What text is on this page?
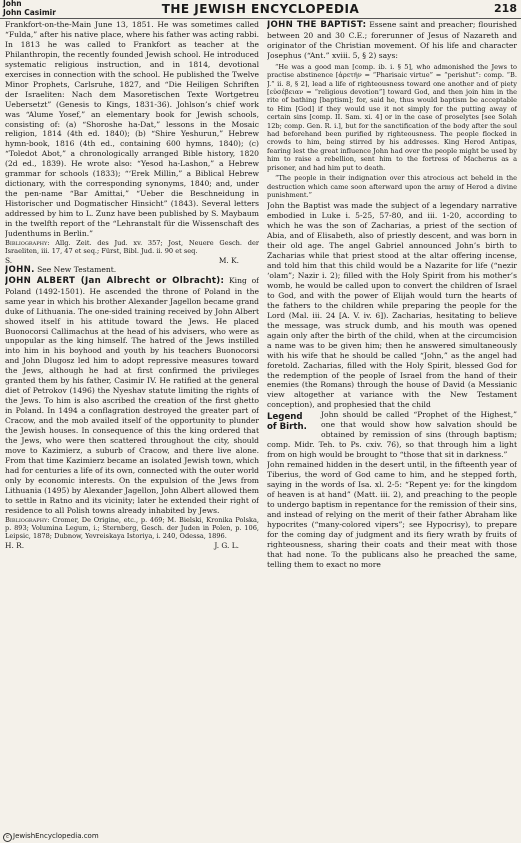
John
John Casimir	THE JEWISH ENCYCLOPEDIA	218

Frankfort-on-the-Main June 13, 1851. He was sometimes called “Fulda,” after his native place, where his father was acting rabbi. In 1813 he was called to Frankfort as teacher at the Philanthropin, the recently founded Jewish school. He introduced systematic religious instruction, and in 1814, devotional exercises in connection with the school. He published the Twelve Minor Prophets, Carlsruhe, 1827, and “Die Heiligen Schriften der Israeliten: Nach dem Masoretischen Texte Wortgetreu Uebersetzt” (Genesis to Kings, 1831-36). Johlson’s chief work was “Alume Yosef,” an elementary book for Jewish schools, consisting of: (a) “Shoroshe ha-Dat,” lessons in the Mosaic religion, 1814 (4th ed. 1840); (b) “Shire Yeshurun,” Hebrew hymn-book, 1816 (4th ed., containing 600 hymns, 1840); (c) “Toledot Abot,” a chronologically arranged Bible history, 1820 (2d ed., 1839). He wrote also: “Yesod ha-Lashon,” a Hebrew grammar for schools (1833); “‘Erek Millin,” a Biblical Hebrew dictionary, with the corresponding synonyms, 1840; and, under the pen-name “Bar Amittai,” “Ueber die Beschneidung in Historischer und Dogmatischer Hinsicht” (1843). Several letters addressed by him to L. Zunz have been published by S. Maybaum in the twelfth report of the “Lehranstalt für die Wissenschaft des Judenthums in Berlin.”

Bibliography: Allg. Zeit. des Jud. xv. 357; Jost, Neuere Gesch. der Israeliten, iii. 17, 47 et seq.; Fürst, Bibl. Jud. ii. 90 et seq.

S.	M. K.

JOHN. See New Testament.

JOHN ALBERT (Jan Albrecht or Olbracht): King of Poland (1492-1501). He ascended the throne of Poland in the same year in which his brother Alexander Jagellon became grand duke of Lithuania. The one-sided training received by John Albert showed itself in his attitude toward the Jews. He placed Buonocorsi Callimachus at the head of his advisers, who were as unpopular as the king himself. The hatred of the Jews instilled into him in his boyhood and youth by his teachers Buonocorsi and John Dlugosz led him to adopt repressive measures toward the Jews, although he had at first confirmed the privileges granted them by his father, Casimir IV. He ratified at the general diet of Petrokov (1496) the Nyeshav statute limiting the rights of the Jews. To him is also ascribed the creation of the first ghetto in Poland. In 1494 a conflagration destroyed the greater part of Cracow, and the mob availed itself of the opportunity to plunder the Jewish houses. In consequence of this the king ordered that the Jews, who were then scattered throughout the city, should move to Kazimierz, a suburb of Cracow, and there live alone. From that time Kazimierz became an isolated Jewish town, which had for centuries a life of its own, connected with the outer world only by economic interests. On the expulsion of the Jews from Lithuania (1495) by Alexander Jagellon, John Albert allowed them to settle in Ratno and its vicinity; later he extended their right of residence to all Polish towns already inhabited by Jews.

Bibliography: Cromer, De Origine, etc., p. 469; M. Bielski, Kronika Polska, p. 893; Volumina Legum, i.; Sternberg, Gesch. der Juden in Polen, p. 106, Leipsic, 1878; Dubnow, Yevreiskaya Istoriya, i. 240, Odessa, 1896.

H. R.	J. G. L.

JOHN THE BAPTIST: Essene saint and preacher; flourished between 20 and 30 C.E.; forerunner of Jesus of Nazareth and originator of the Christian movement. Of his life and character Josephus (“Ant.” xviii. 5, § 2) says:

“He was a good man [comp. ib. i. § 5], who admonished the Jews to practise abstinence [ἀρετήν = “Pharisaic virtue” = “perishut”: comp. “B. J.” ii. 8, § 2], lead a life of righteousness toward one another and of piety [εὐσέβειαν = “religious devotion”] toward God, and then join him in the rite of bathing [baptism]; for, said he, thus would baptism be acceptable to Him [God] if they would use it not simply for the putting away of certain sins [comp. II. Sam. xi. 4] or in the case of proselytes [see Solah 12b; comp. Gen. R. i.], but for the sanctification of the body after the soul had beforehand been purified by righteousness. The people flocked in crowds to him, being stirred by his addresses. King Herod Antipas, fearing lest the great influence John had over the people might be used by him to raise a rebellion, sent him to the fortress of Macherus as a prisoner, and had him put to death.

“The people in their indignation over this atrocious act beheld in the destruction which came soon afterward upon the army of Herod a divine punishment.”

John the Baptist was made the subject of a legendary narrative embodied in Luke i. 5-25, 57-80, and iii. 1-20, according to which he was the son of Zacharias, a priest of the section of Abia, and of Elisabeth, also of priestly descent, and was born in their old age. The angel Gabriel announced John’s birth to Zacharias while that priest stood at the altar offering incense, and told him that this child would be a Nazarite for life (“nezir ‘olam”; Nazir i. 2); filled with the Holy Spirit from his mother’s womb, he would be called upon to convert the children of Israel to God, and with the power of Elijah would turn the hearts of the fathers to the children while preparing the people for the Lord (Mal. iii. 24 [A. V. iv. 6]). Zacharias, hesitating to believe the message, was struck dumb, and his mouth was opened again only after the birth of the child, when at the circumcision a name was to be given him; then he answered simultaneously with his wife that he should be called “John,” as the angel had foretold. Zacharias, filled with the Holy Spirit, blessed God for the redemption of the people of Israel from the hand of their enemies (the Romans) through the house of David (a Messianic view altogether at variance with the New Testament conception), and prophesied that the child

Legend of Birth.
John should be called “Prophet of the Highest,” one that would show how salvation should be obtained by remission of sins (through baptism; comp. Midr. Teh. to Ps. cxiv. 76), so that through him a light from on high would be brought to “those that sit in darkness.”

John remained hidden in the desert until, in the fifteenth year of Tiberius, the word of God came to him, and he stepped forth, saying in the words of Isa. xl. 2-5: “Repent ye: for the kingdom of heaven is at hand” (Matt. iii. 2), and preaching to the people to undergo baptism in repentance for the remission of their sins, and instead of relying on the merit of their father Abraham like hypocrites (“many-colored vipers”; see Hypocrisy), to prepare for the coming day of judgment and its fiery wrath by fruits of righteousness, sharing their coats and their meat with those that had none. To the publicans also he preached the same, telling them to exact no more

c JewishEncyclopedia.com
